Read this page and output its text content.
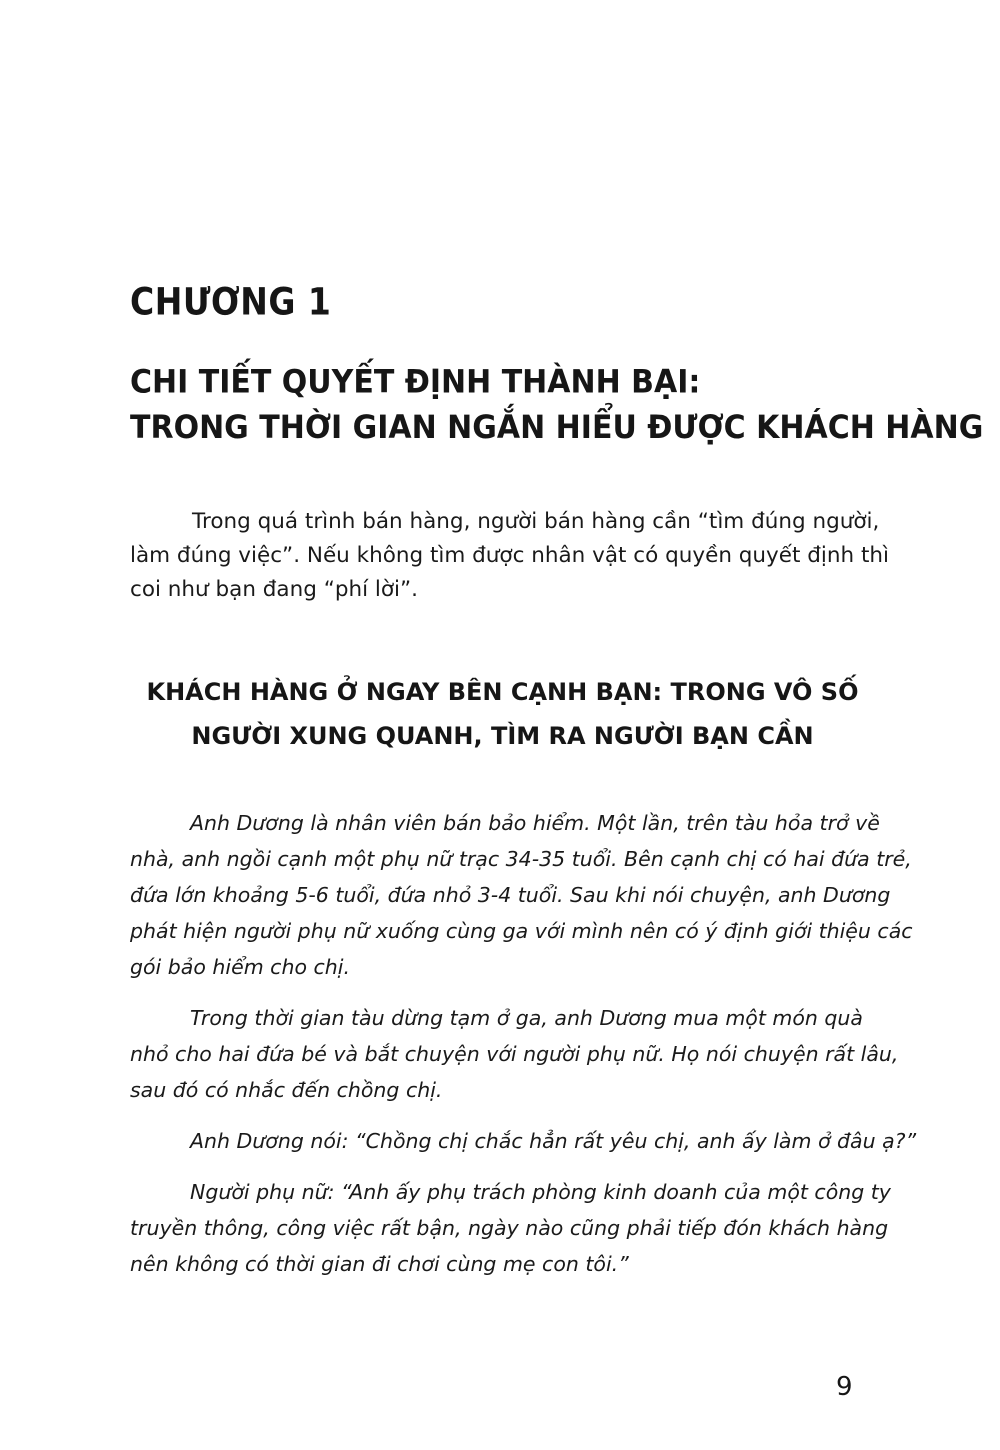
CHƯƠNG 1
CHI TIẾT QUYẾT ĐỊNH THÀNH BẠI:
TRONG THỜI GIAN NGẮN HIỂU ĐƯỢC KHÁCH HÀNG
Trong quá trình bán hàng, người bán hàng cần “tìm đúng người,
làm đúng việc”. Nếu không tìm được nhân vật có quyền quyết định thì
coi như bạn đang “phí lời”.
KHÁCH HÀNG Ở NGAY BÊN CẠNH BẠN: TRONG VÔ SỐ
NGƯỜI XUNG QUANH, TÌM RA NGƯỜI BẠN CẦN
Anh Dương là nhân viên bán bảo hiểm. Một lần, trên tàu hỏa trở về
nhà, anh ngồi cạnh một phụ nữ trạc 34-35 tuổi. Bên cạnh chị có hai đứa trẻ,
đứa lớn khoảng 5-6 tuổi, đứa nhỏ 3-4 tuổi. Sau khi nói chuyện, anh Dương
phát hiện người phụ nữ xuống cùng ga với mình nên có ý định giới thiệu các
gói bảo hiểm cho chị.
Trong thời gian tàu dừng tạm ở ga, anh Dương mua một món quà
nhỏ cho hai đứa bé và bắt chuyện với người phụ nữ. Họ nói chuyện rất lâu,
sau đó có nhắc đến chồng chị.
Anh Dương nói: “Chồng chị chắc hẳn rất yêu chị, anh ấy làm ở đâu ạ?”
Người phụ nữ: “Anh ấy phụ trách phòng kinh doanh của một công ty
truyền thông, công việc rất bận, ngày nào cũng phải tiếp đón khách hàng
nên không có thời gian đi chơi cùng mẹ con tôi.”
9
